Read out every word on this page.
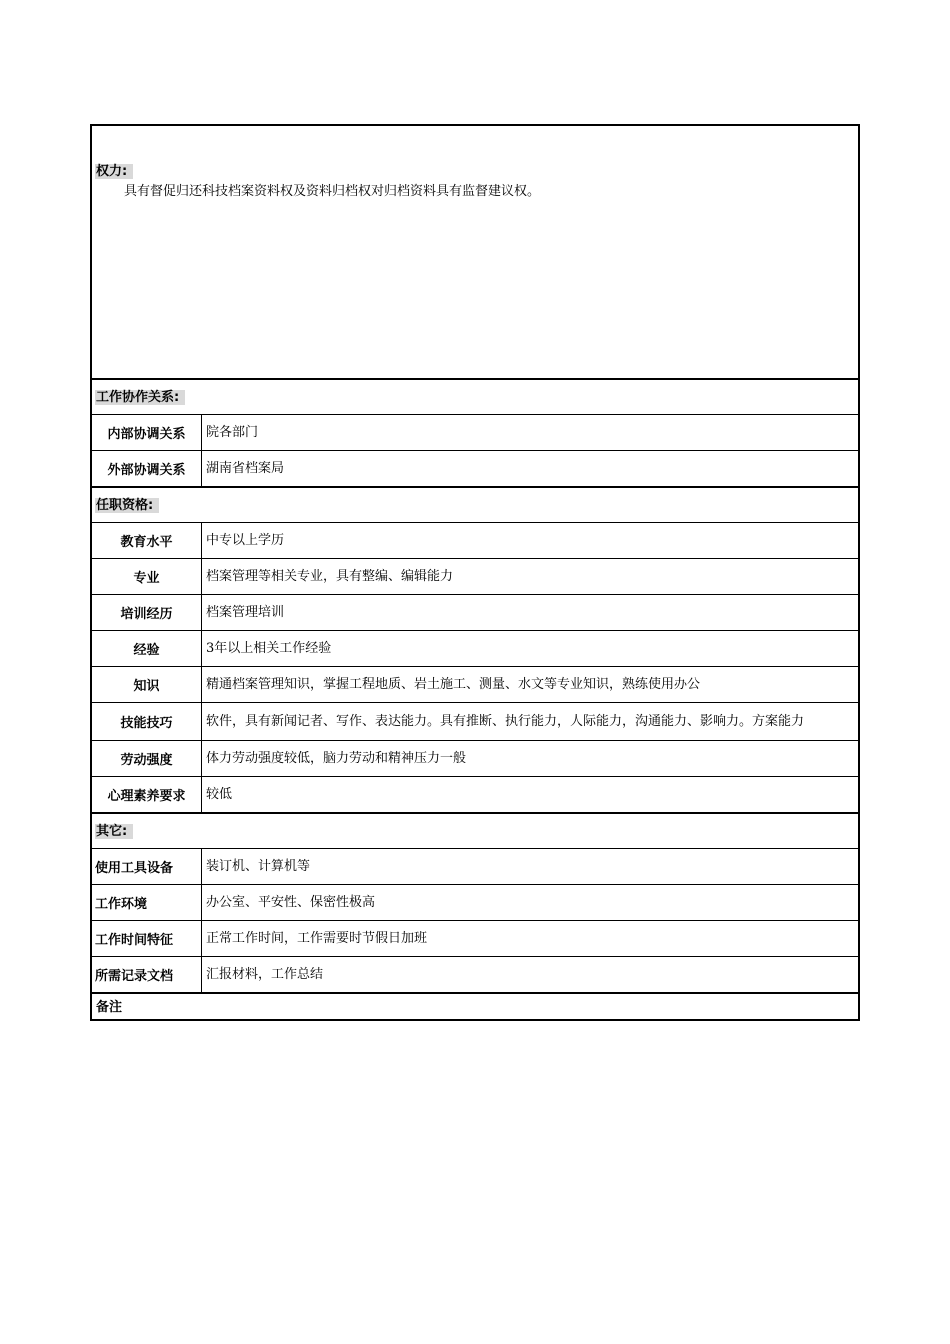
权力:
具有督促归还科技档案资料权及资料归档权对归档资料具有监督建议权。
工作协作关系:
内部协调关系	院各部门
外部协调关系	湖南省档案局
任职资格:
教育水平	中专以上学历
专业	档案管理等相关专业，具有整编、编辑能力
培训经历	档案管理培训
经验	3年以上相关工作经验
知识	精通档案管理知识，掌握工程地质、岩土施工、测量、水文等专业知识，熟练使用办公
技能技巧	软件，具有新闻记者、写作、表达能力。具有推断、执行能力，人际能力，沟通能力、影响力。方案能力
劳动强度	体力劳动强度较低，脑力劳动和精神压力一般
心理素养要求	较低
其它:
使用工具设备	装订机、计算机等
工作环境	办公室、平安性、保密性极高
工作时间特征	正常工作时间，工作需要时节假日加班
所需记录文档	汇报材料，工作总结
备注
